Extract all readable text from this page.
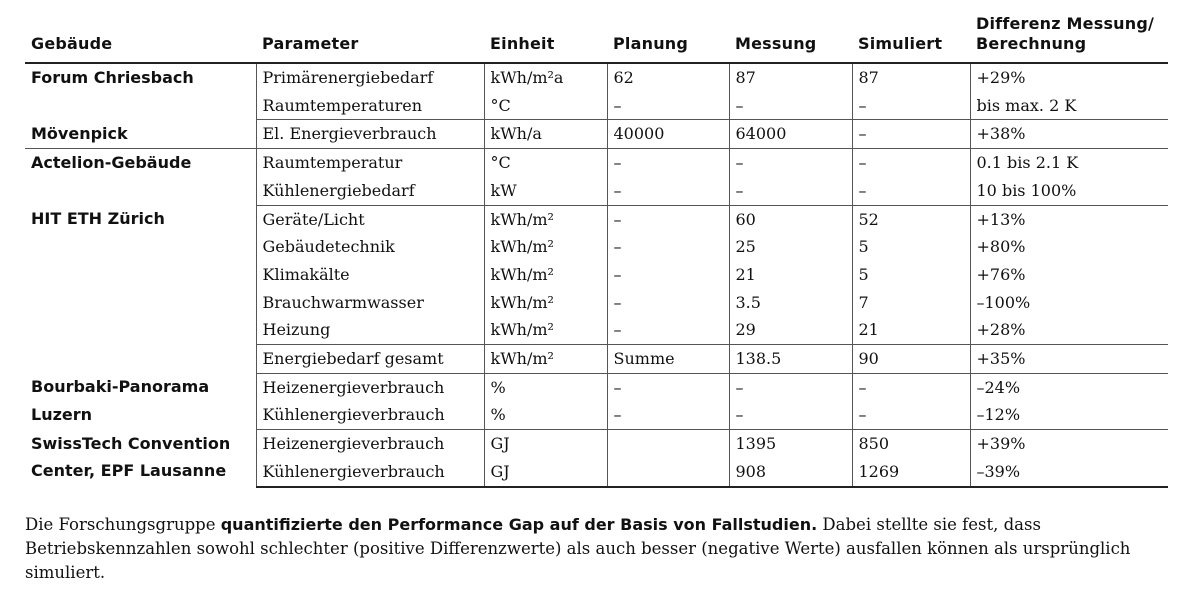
Gebäude	Parameter	Einheit	Planung	Messung	Simuliert	Differenz Messung/
Berechnung
Forum Chriesbach	Primärenergiebedarf	kWh/m²a	62	87	87	+29%
	Raumtemperaturen	°C	–	–	–	bis max. 2 K
Mövenpick	El. Energieverbrauch	kWh/a	40000	64000	–	+38%
Actelion-Gebäude	Raumtemperatur	°C	–	–	–	0.1 bis 2.1 K
	Kühlenergiebedarf	kW	–	–	–	10 bis 100%
HIT ETH Zürich	Geräte/Licht	kWh/m²	–	60	52	+13%
	Gebäudetechnik	kWh/m²	–	25	5	+80%
	Klimakälte	kWh/m²	–	21	5	+76%
	Brauchwarmwasser	kWh/m²	–	3.5	7	–100%
	Heizung	kWh/m²	–	29	21	+28%
	Energiebedarf gesamt	kWh/m²	Summe	138.5	90	+35%
Bourbaki-Panorama Luzern	Heizenergieverbrauch	%	–	–	–	–24%
	Kühlenergieverbrauch	%	–	–	–	–12%
SwissTech Convention Center, EPF Lausanne	Heizenergieverbrauch	GJ		1395	850	+39%
	Kühlenergieverbrauch	GJ		908	1269	–39%

Die Forschungsgruppe quantifizierte den Performance Gap auf der Basis von Fallstudien. Dabei stellte sie fest, dass Betriebskennzahlen sowohl schlechter (positive Differenzwerte) als auch besser (negative Werte) ausfallen können als ursprünglich simuliert.
